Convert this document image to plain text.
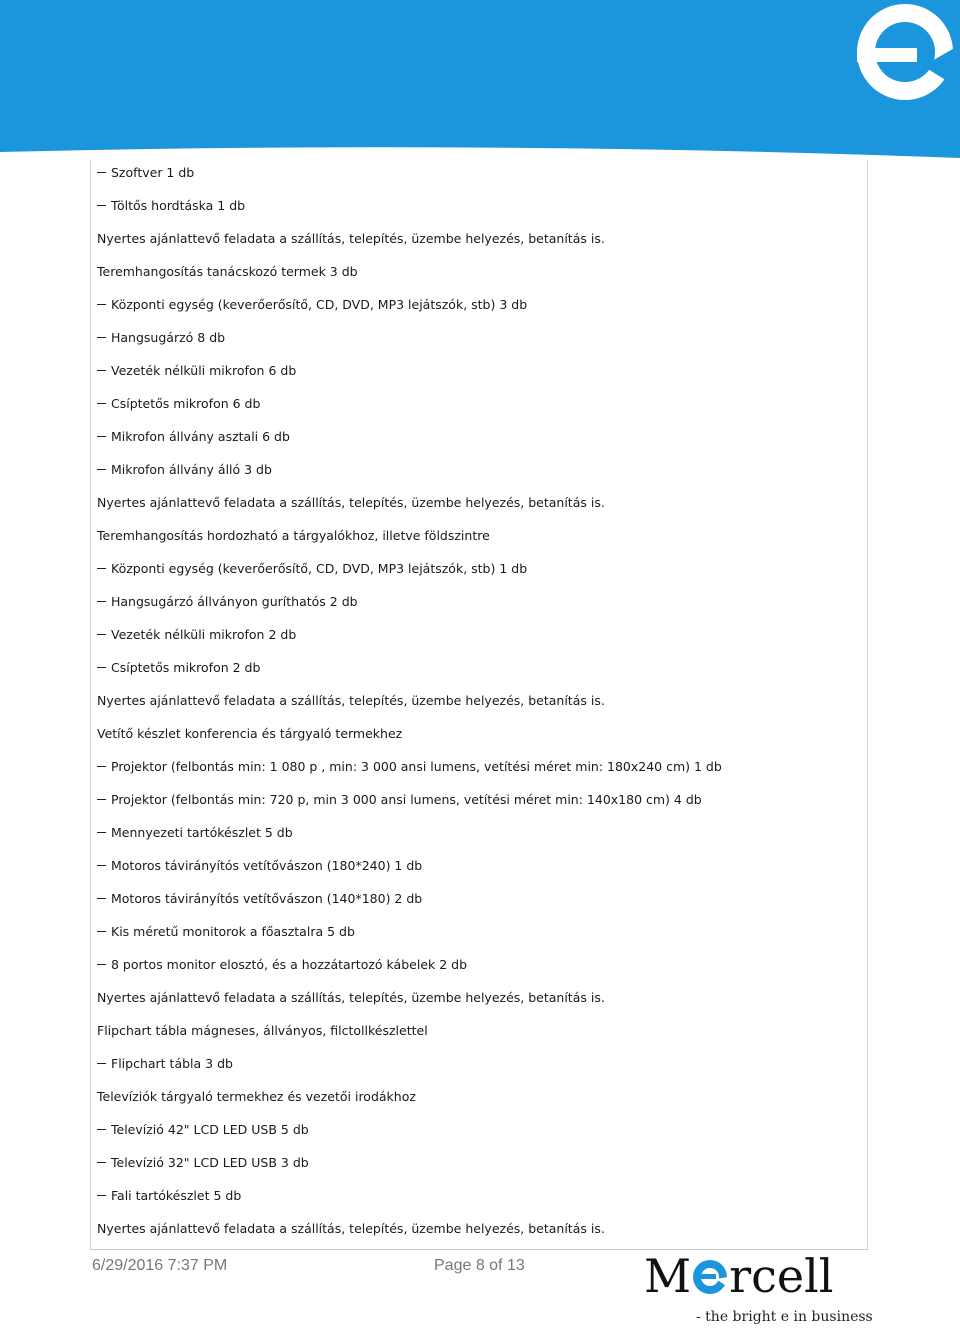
Szoftver 1 db
Töltős hordtáska 1 db
Nyertes ajánlattevő feladata a szállítás, telepítés, üzembe helyezés, betanítás is.
Teremhangosítás tanácskozó termek 3 db
Központi egység (keverőerősítő, CD, DVD, MP3 lejátszók, stb) 3 db
Hangsugárzó 8 db
Vezeték nélküli mikrofon 6 db
Csíptetős mikrofon 6 db
Mikrofon állvány asztali 6 db
Mikrofon állvány álló 3 db
Nyertes ajánlattevő feladata a szállítás, telepítés, üzembe helyezés, betanítás is.
Teremhangosítás hordozható a tárgyalókhoz, illetve földszintre
Központi egység (keverőerősítő, CD, DVD, MP3 lejátszók, stb) 1 db
Hangsugárzó állványon guríthatós 2 db
Vezeték nélküli mikrofon 2 db
Csíptetős mikrofon 2 db
Nyertes ajánlattevő feladata a szállítás, telepítés, üzembe helyezés, betanítás is.
Vetítő készlet konferencia és tárgyaló termekhez
Projektor (felbontás min: 1 080 p , min: 3 000 ansi lumens, vetítési méret min: 180x240 cm) 1 db
Projektor (felbontás min: 720 p, min 3 000 ansi lumens, vetítési méret min: 140x180 cm) 4 db
Mennyezeti tartókészlet 5 db
Motoros távirányítós vetítővászon (180*240) 1 db
Motoros távirányítós vetítővászon (140*180) 2 db
Kis méretű monitorok a főasztalra 5 db
8 portos monitor elosztó, és a hozzátartozó kábelek 2 db
Nyertes ajánlattevő feladata a szállítás, telepítés, üzembe helyezés, betanítás is.
Flipchart tábla mágneses, állványos, filctollkészlettel
Flipchart tábla 3 db
Televíziók tárgyaló termekhez és vezetői irodákhoz
Televízió 42" LCD LED USB 5 db
Televízió 32" LCD LED USB 3 db
Fali tartókészlet 5 db
Nyertes ajánlattevő feladata a szállítás, telepítés, üzembe helyezés, betanítás is.
6/29/2016 7:37 PM	Page 8 of 13	M rcell
- the bright e in business
